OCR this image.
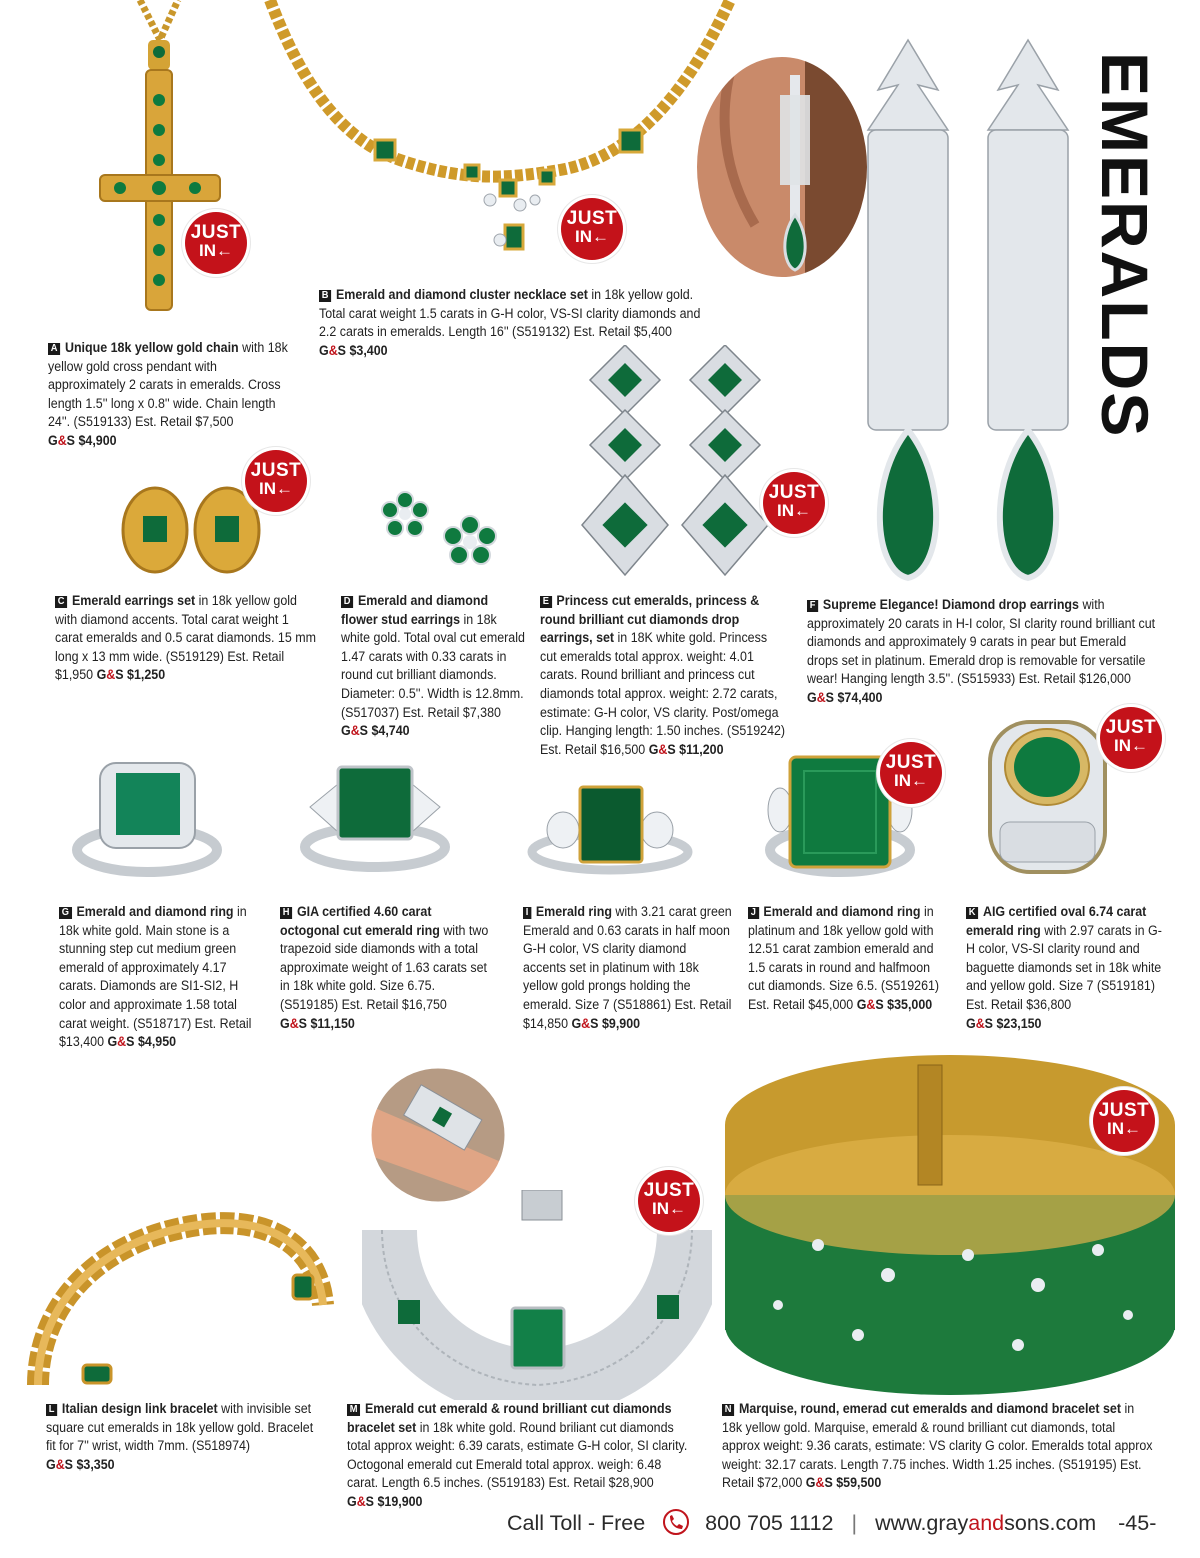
EMERALDS
JUST
IN←
JUST
IN←
JUST
IN←	JUST
IN←
JUST
IN←
JUST
IN←
JUST
IN←
JUST
IN←
A Unique 18k yellow gold chain with 18k yellow gold cross pendant with approximately 2 carats in emeralds. Cross length 1.5'' long x 0.8'' wide. Chain length 24''. (S519133) Est. Retail $7,500
G&S $4,900
B Emerald and diamond cluster necklace set in 18k yellow gold. Total carat weight 1.5 carats in G-H color, VS-SI clarity diamonds and 2.2 carats in emeralds. Length 16'' (S519132) Est. Retail $5,400
G&S $3,400
C Emerald earrings set in 18k yellow gold with diamond accents. Total carat weight 1 carat emeralds and 0.5 carat diamonds. 15 mm long x 13 mm wide. (S519129) Est. Retail $1,950 G&S $1,250
D Emerald and diamond flower stud earrings in 18k white gold. Total oval cut emerald 1.47 carats with 0.33 carats in round cut brilliant diamonds. Diameter: 0.5''. Width is 12.8mm. (S517037) Est. Retail $7,380 G&S $4,740
E Princess cut emeralds, princess & round brilliant cut diamonds drop earrings, set in 18K white gold. Princess cut emeralds total approx. weight: 4.01 carats. Round brilliant and princess cut diamonds total approx. weight: 2.72 carats, estimate: G-H color, VS clarity. Post/omega clip. Hanging length: 1.50 inches. (S519242) Est. Retail $16,500 G&S $11,200
F Supreme Elegance! Diamond drop earrings with approximately 20 carats in H-I color, SI clarity round brilliant cut diamonds and approximately 9 carats in pear but Emerald drops set in platinum. Emerald drop is removable for versatile wear! Hanging length 3.5''. (S515933) Est. Retail $126,000
G&S $74,400
G Emerald and diamond ring in 18k white gold. Main stone is a stunning step cut medium green emerald of approximately 4.17 carats. Diamonds are SI1-SI2, H color and approximate 1.58 total carat weight. (S518717) Est. Retail $13,400 G&S $4,950
H GIA certified 4.60 carat octogonal cut emerald ring with two trapezoid side diamonds with a total approximate weight of 1.63 carats set in 18k white gold. Size 6.75. (S519185) Est. Retail $16,750
G&S $11,150
I Emerald ring with 3.21 carat green Emerald and 0.63 carats in half moon G-H color, VS clarity diamond accents set in platinum with 18k yellow gold prongs holding the emerald. Size 7 (S518861) Est. Retail $14,850 G&S $9,900
J Emerald and diamond ring in platinum and 18k yellow gold with 12.51 carat zambion emerald and 1.5 carats in round and halfmoon cut diamonds. Size 6.5. (S519261) Est. Retail $45,000 G&S $35,000
K AIG certified oval 6.74 carat emerald ring with 2.97 carats in G-H color, VS-SI clarity round and baguette diamonds set in 18k white and yellow gold. Size 7 (S519181) Est. Retail $36,800
G&S $23,150
L Italian design link bracelet with invisible set square cut emeralds in 18k yellow gold. Bracelet fit for 7'' wrist, width 7mm. (S518974)
G&S $3,350
M Emerald cut emerald & round brilliant cut diamonds bracelet set in 18k white gold. Round briliant cut diamonds total approx weight: 6.39 carats, estimate G-H color, SI clarity. Octogonal emerald cut Emerald total approx. weigh: 6.48 carat. Length 6.5 inches. (S519183) Est. Retail $28,900
G&S $19,900
N Marquise, round, emerad cut emeralds and diamond bracelet set in 18k yellow gold. Marquise, emerald & round brilliant cut diamonds, total approx weight: 9.36 carats, estimate: VS clarity G color. Emeralds total approx weight: 32.17 carats. Length 7.75 inches. Width 1.25 inches. (S519195) Est. Retail $72,000 G&S $59,500
Call Toll - Free	800 705 1112 | www.grayandsons.com -45-
